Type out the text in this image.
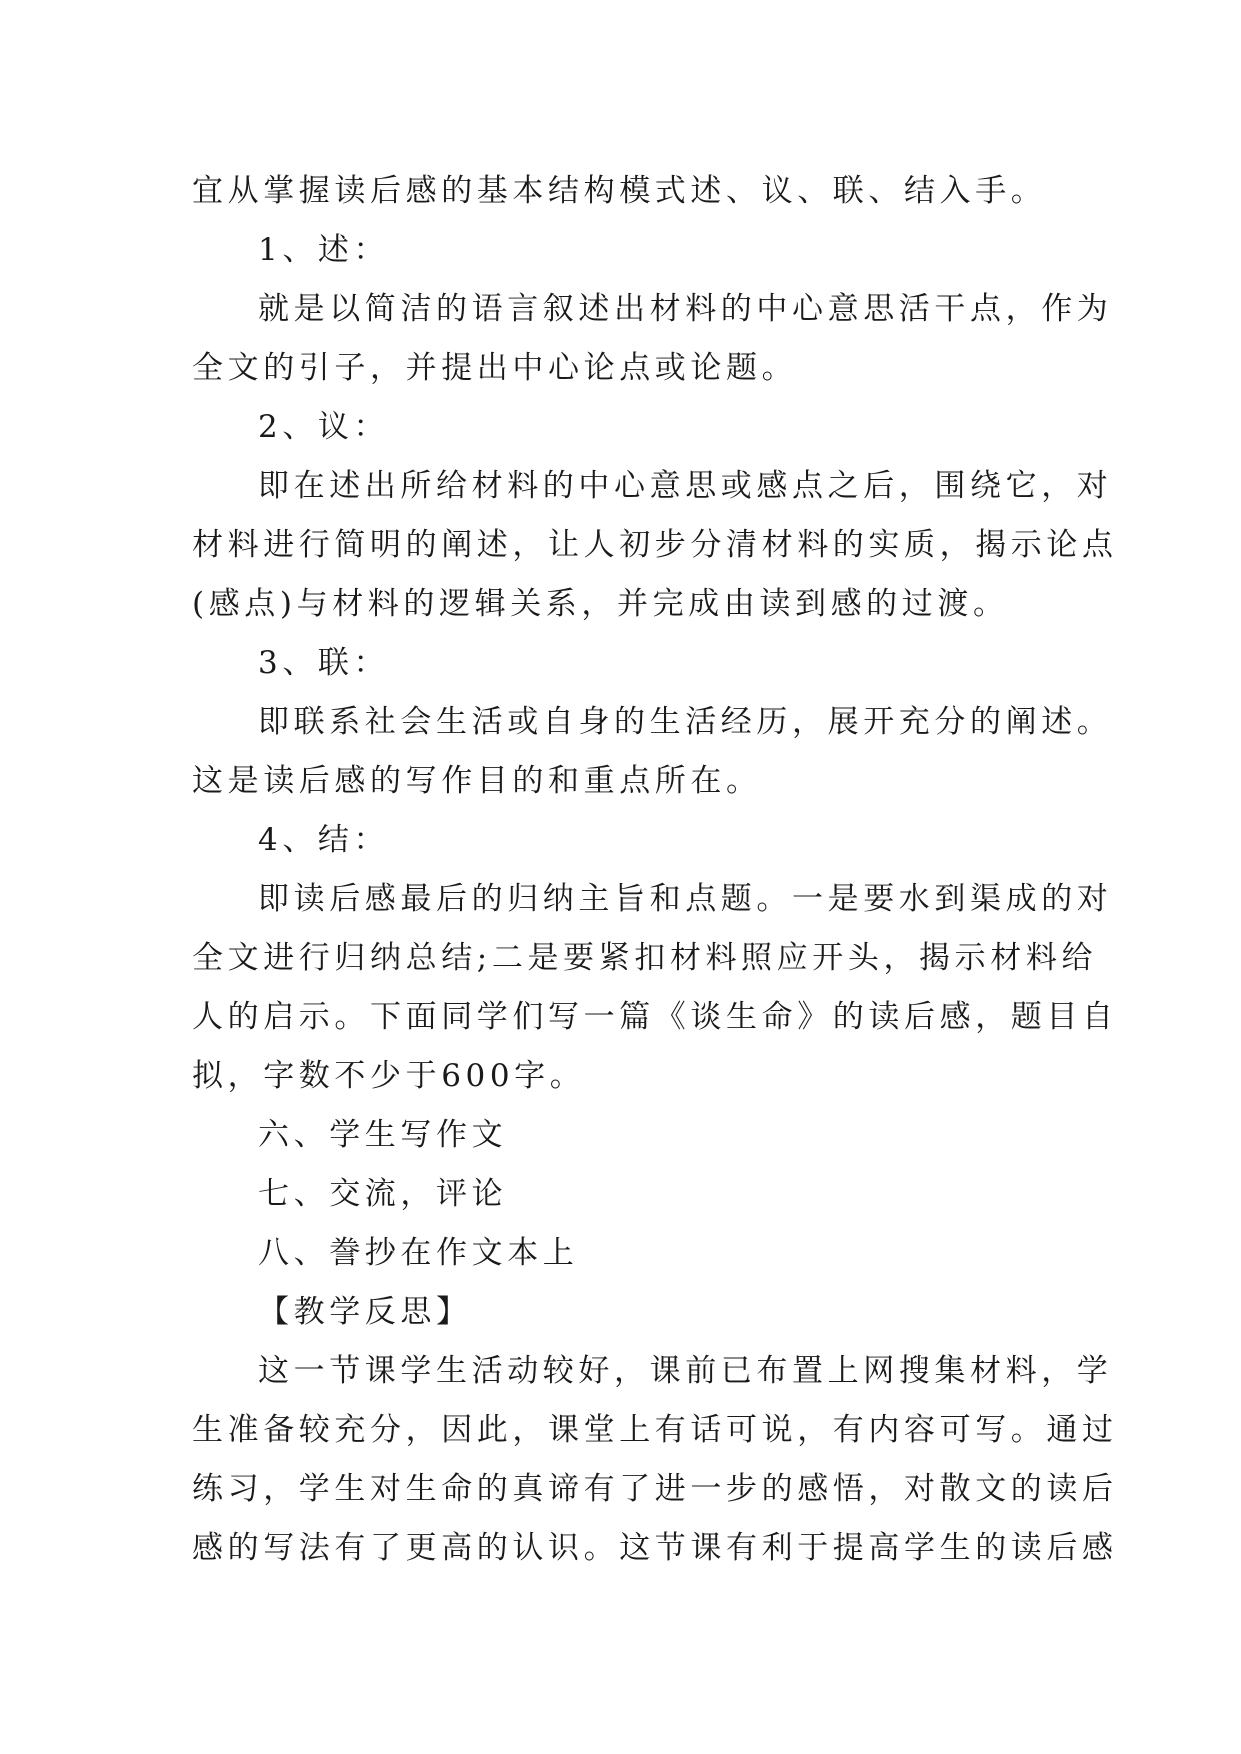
宜从掌握读后感的基本结构模式述、议、联、结入手。

1、述：

就是以简洁的语言叙述出材料的中心意思活干点，作为

全文的引子，并提出中心论点或论题。

2、议：

即在述出所给材料的中心意思或感点之后，围绕它，对

材料进行简明的阐述，让人初步分清材料的实质，揭示论点

(感点)与材料的逻辑关系，并完成由读到感的过渡。

3、联：

即联系社会生活或自身的生活经历，展开充分的阐述。

这是读后感的写作目的和重点所在。

4、结：

即读后感最后的归纳主旨和点题。一是要水到渠成的对

全文进行归纳总结;二是要紧扣材料照应开头，揭示材料给

人的启示。下面同学们写一篇《谈生命》的读后感，题目自

拟，字数不少于600字。

六、学生写作文

七、交流，评论

八、誊抄在作文本上

【教学反思】

这一节课学生活动较好，课前已布置上网搜集材料，学

生准备较充分，因此，课堂上有话可说，有内容可写。通过

练习，学生对生命的真谛有了进一步的感悟，对散文的读后

感的写法有了更高的认识。这节课有利于提高学生的读后感
